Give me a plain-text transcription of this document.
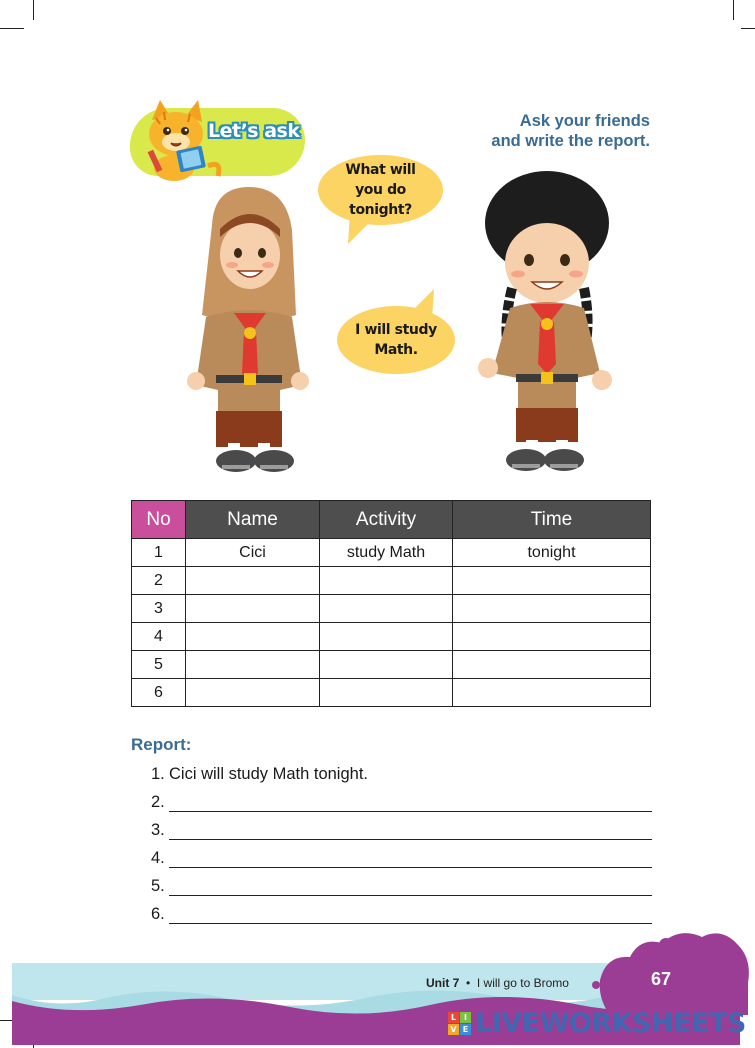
Let’s ask	Ask your friends
and write the report.
What will you do tonight?
I will study Math.
No	Name	Activity	Time
1	Cici	study Math	tonight
2			
3			
4			
5			
6			
Report:
1. Cici will study Math tonight.
2.
3.
4.
5.
6.
Unit 7 • I will go to Bromo	67
L I
V E LIVEWORKSHEETS
